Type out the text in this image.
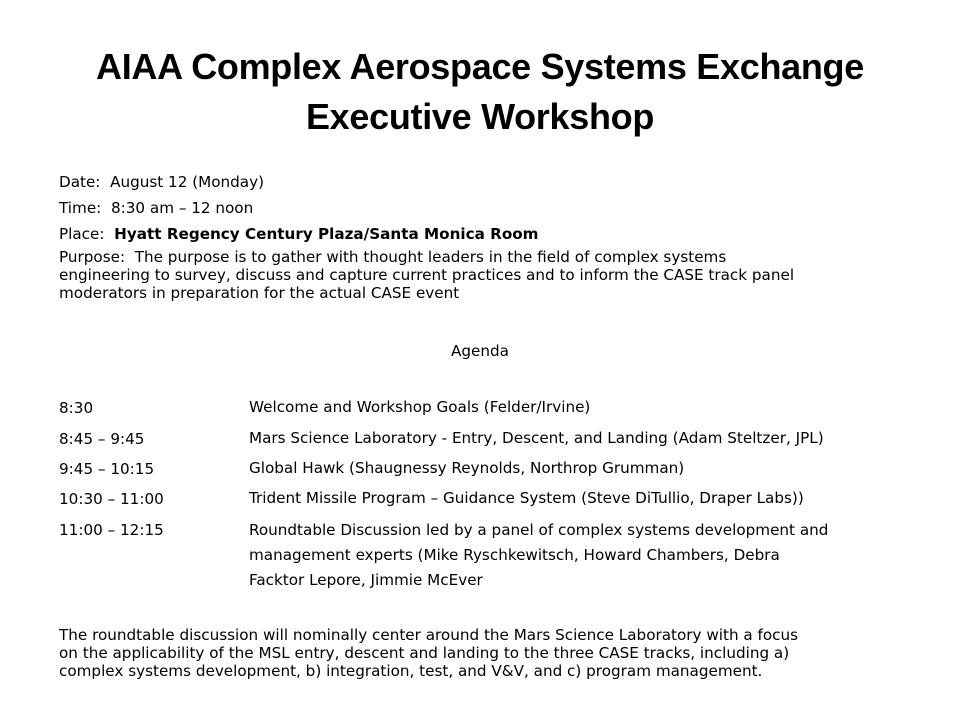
AIAA Complex Aerospace Systems Exchange
Executive Workshop
Date: August 12 (Monday)
Time: 8:30 am – 12 noon
Place: Hyatt Regency Century Plaza/Santa Monica Room
Purpose: The purpose is to gather with thought leaders in the field of complex systems
engineering to survey, discuss and capture current practices and to inform the CASE track panel
moderators in preparation for the actual CASE event
Agenda
8:30	Welcome and Workshop Goals (Felder/Irvine)
8:45 – 9:45	Mars Science Laboratory - Entry, Descent, and Landing (Adam Steltzer, JPL)
9:45 – 10:15	Global Hawk (Shaugnessy Reynolds, Northrop Grumman)
10:30 – 11:00	Trident Missile Program – Guidance System (Steve DiTullio, Draper Labs))
11:00 – 12:15	Roundtable Discussion led by a panel of complex systems development and
management experts (Mike Ryschkewitsch, Howard Chambers, Debra
Facktor Lepore, Jimmie McEver
The roundtable discussion will nominally center around the Mars Science Laboratory with a focus
on the applicability of the MSL entry, descent and landing to the three CASE tracks, including a)
complex systems development, b) integration, test, and V&V, and c) program management.
